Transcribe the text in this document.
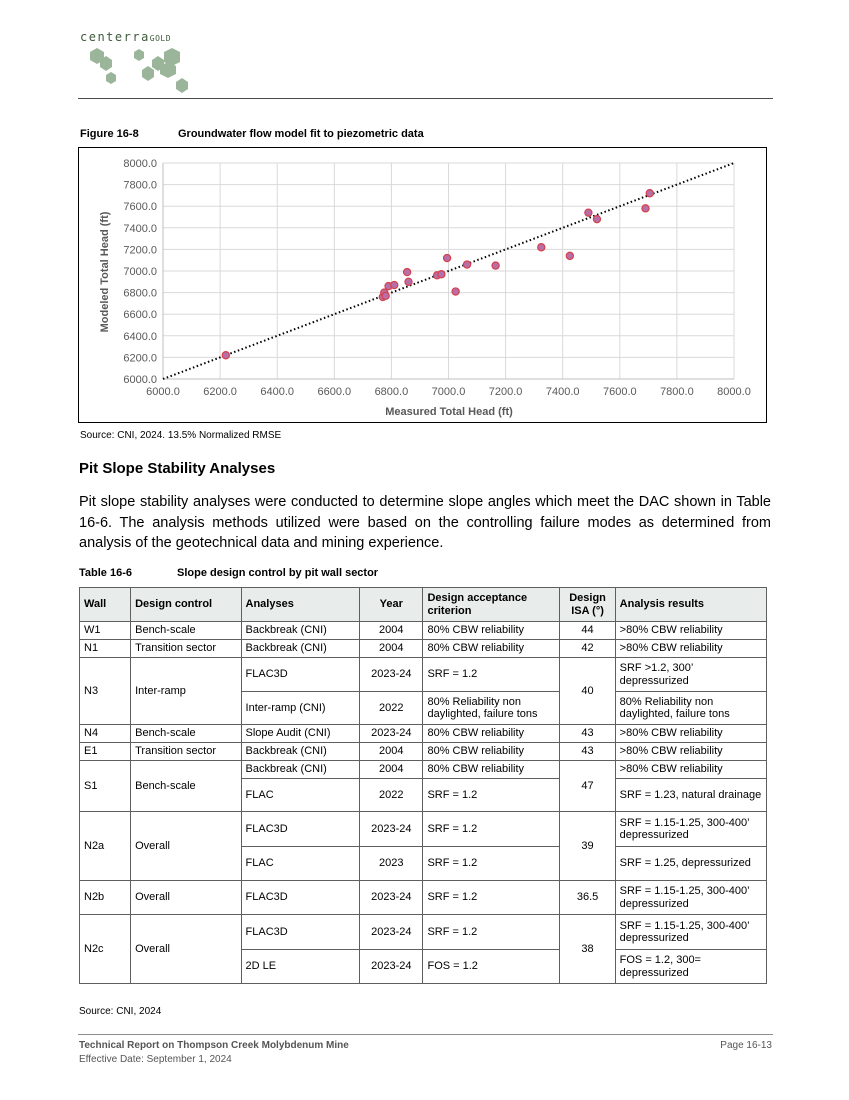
centerraGOLD
Figure 16-8	Groundwater flow model fit to piezometric data
6000.0 6200.0 6400.0 6600.0 6800.0 7000.0 7200.0 7400.0 7600.0 7800.0 8000.0
6000.0
6200.0
6400.0
6600.0
6800.0
7000.0
7200.0
7400.0
7600.0
7800.0
8000.0
Measured Total Head (ft)
Modeled Total Head (ft)
Source: CNI, 2024. 13.5% Normalized RMSE
Pit Slope Stability Analyses
Pit slope stability analyses were conducted to determine slope angles which meet the DAC shown in Table 16-6. The analysis methods utilized were based on the controlling failure modes as determined from analysis of the geotechnical data and mining experience.
Table 16-6	Slope design control by pit wall sector
Wall	Design control	Analyses	Year	Design acceptance criterion	Design ISA (°)	Analysis results
W1	Bench-scale	Backbreak (CNI)	2004	80% CBW reliability	44	>80% CBW reliability
N1	Transition sector	Backbreak (CNI)	2004	80% CBW reliability	42	>80% CBW reliability
N3	Inter-ramp	FLAC3D	2023-24	SRF = 1.2	40	SRF >1.2, 300’ depressurized
		Inter-ramp (CNI)	2022	80% Reliability non daylighted, failure tons		80% Reliability non daylighted, failure tons
N4	Bench-scale	Slope Audit (CNI)	2023-24	80% CBW reliability	43	>80% CBW reliability
E1	Transition sector	Backbreak (CNI)	2004	80% CBW reliability	43	>80% CBW reliability
S1	Bench-scale	Backbreak (CNI)	2004	80% CBW reliability	47	>80% CBW reliability
		FLAC	2022	SRF = 1.2		SRF = 1.23, natural drainage
N2a	Overall	FLAC3D	2023-24	SRF = 1.2	39	SRF = 1.15-1.25, 300-400’ depressurized
		FLAC	2023	SRF = 1.2		SRF = 1.25, depressurized
N2b	Overall	FLAC3D	2023-24	SRF = 1.2	36.5	SRF = 1.15-1.25, 300-400’ depressurized
N2c	Overall	FLAC3D	2023-24	SRF = 1.2	38	SRF = 1.15-1.25, 300-400’ depressurized
		2D LE	2023-24	FOS = 1.2		FOS = 1.2, 300= depressurized
Source: CNI, 2024
Technical Report on Thompson Creek Molybdenum Mine
Effective Date: September 1, 2024
Page 16-13
